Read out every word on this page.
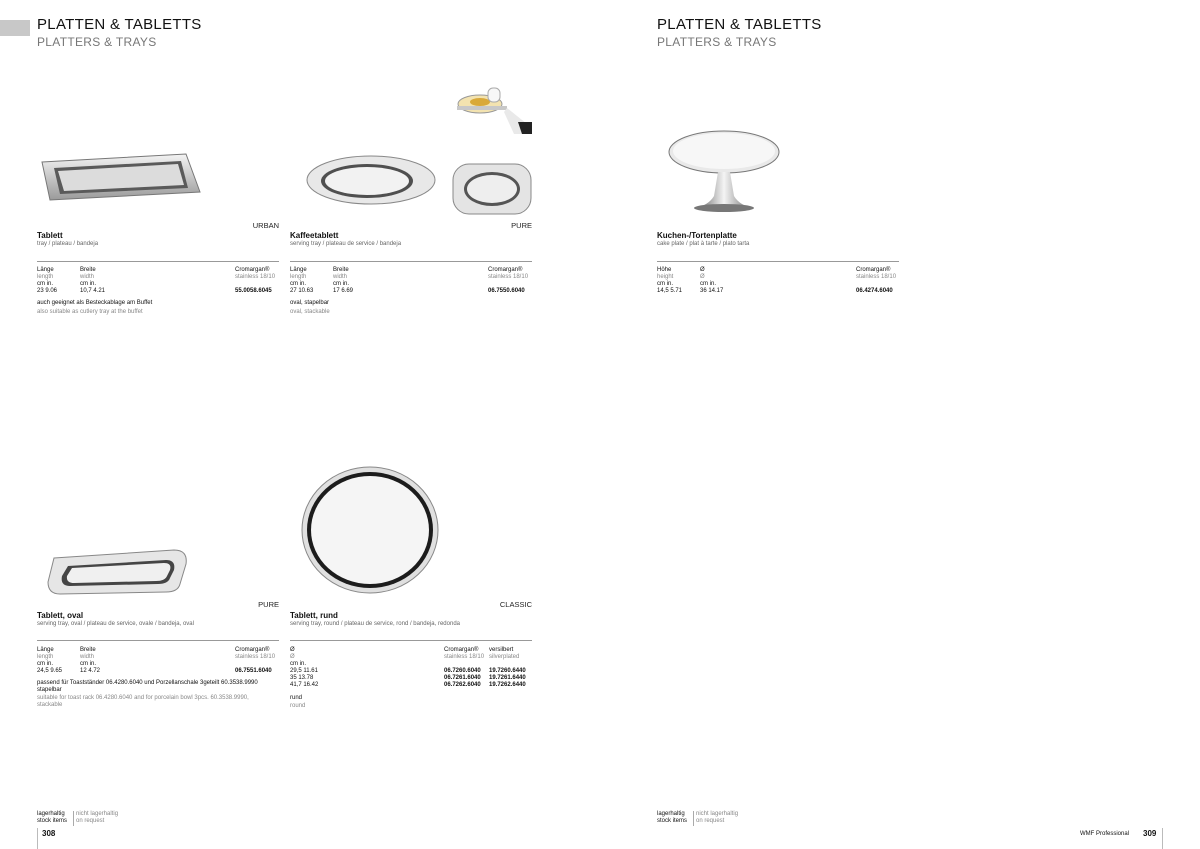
PLATTEN & TABLETTS
PLATTERS & TRAYS
URBAN
Tablett
tray / plateau / bandeja
Länge
length
cm in.
23 9.06
Breite
width
cm in.
10,7 4.21
Cromargan®
stainless 18/10
55.0058.6045
auch geeignet als Besteckablage am Buffet
also suitable as cutlery tray at the buffet
PURE
Kaffeetablett
serving tray / plateau de service / bandeja
Länge
length
cm in.
27 10.63
Breite
width
cm in.
17 6.69
Cromargan®
stainless 18/10
06.7550.6040
oval, stapelbar
oval, stackable
PURE
Tablett, oval
serving tray, oval / plateau de service, ovale / bandeja, oval
Länge
length
cm in.
24,5 9.65
Breite
width
cm in.
12 4.72
Cromargan®
stainless 18/10
06.7551.6040
passend für Toastständer 06.4280.6040 und Porzellanschale 3geteilt 60.3538.9990
stapelbar
suitable for toast rack 06.4280.6040 and for porcelain bowl 3pcs. 60.3538.9990,
stackable
CLASSIC
Tablett, rund
serving tray, round / plateau de service, rond / bandeja, redonda
Ø
Ø
cm in.
29,5 11.61
35 13.78
41,7 16.42
Cromargan®
stainless 18/10
06.7260.6040
06.7261.6040
06.7262.6040
versilbert
silverplated
19.7260.6440
19.7261.6440
19.7262.6440
rund
round
lagerhaltig
stock items
nicht lagerhaltig
on request
308
PLATTEN & TABLETTS
PLATTERS & TRAYS
Kuchen-/Tortenplatte
cake plate / plat à tarte / plato tarta
Höhe
height
cm in.
14,5 5.71
Ø
Ø
cm in.
36 14.17
Cromargan®
stainless 18/10
06.4274.6040
lagerhaltig
stock items
nicht lagerhaltig
on request
WMF Professional 309
